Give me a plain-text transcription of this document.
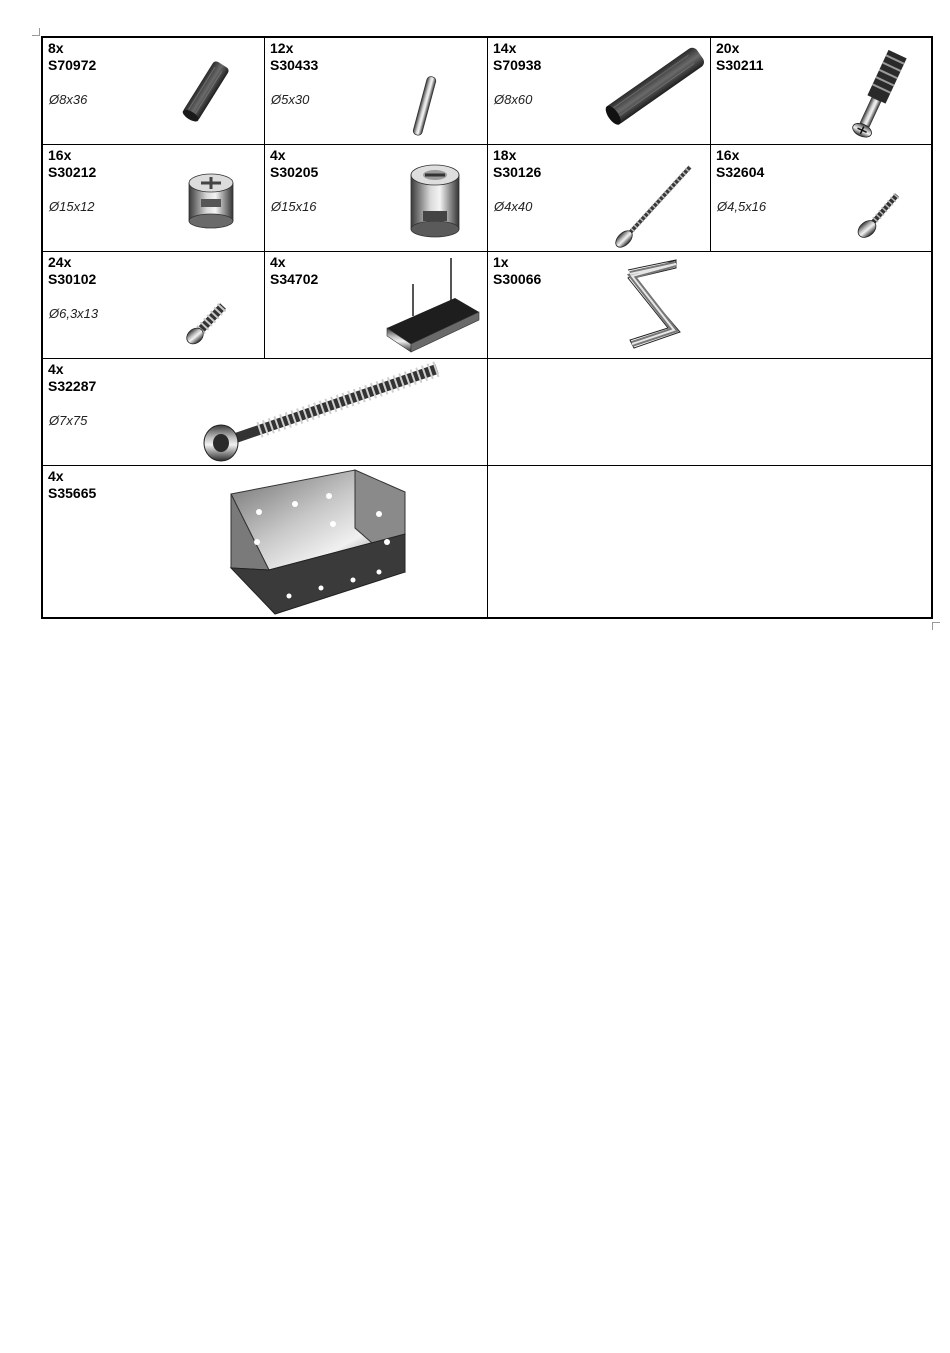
8x
S70972
Ø8x36
12x
S30433
Ø5x30
14x
S70938
Ø8x60
20x
S30211
16x
S30212
Ø15x12
4x
S30205
Ø15x16
18x
S30126
Ø4x40
16x
S32604
Ø4,5x16
24x
S30102
Ø6,3x13
4x
S34702
1x
S30066
4x
S32287
Ø7x75
4x
S35665
